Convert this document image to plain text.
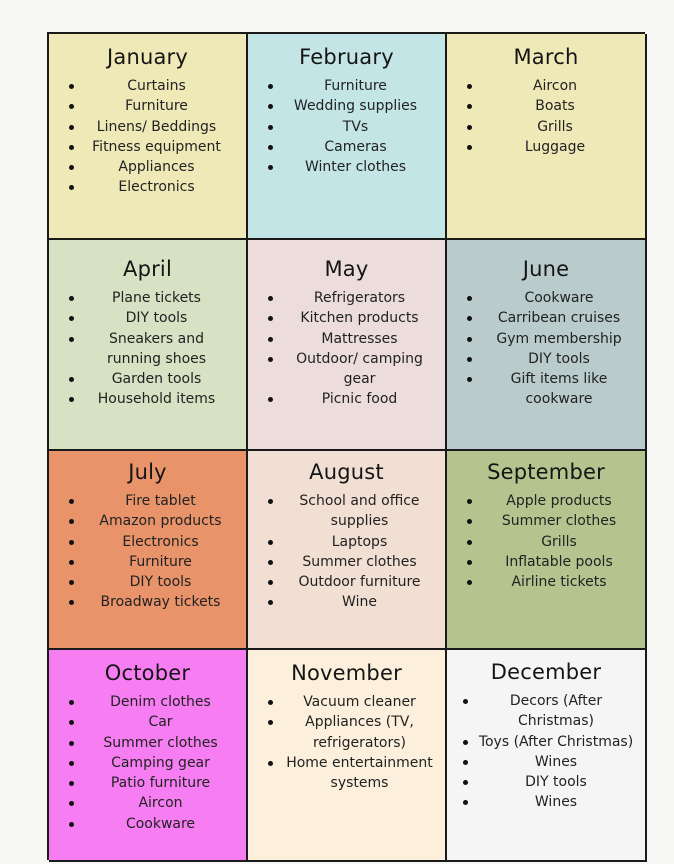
January
Curtains
Furniture
Linens/ Beddings
Fitness equipment
Appliances
Electronics
February
Furniture
Wedding supplies
TVs
Cameras
Winter clothes
March
Aircon
Boats
Grills
Luggage
April
Plane tickets
DIY tools
Sneakers and running shoes
Garden tools
Household items
May
Refrigerators
Kitchen products
Mattresses
Outdoor/ camping gear
Picnic food
June
Cookware
Carribean cruises
Gym membership
DIY tools
Gift items like cookware
July
Fire tablet
Amazon products
Electronics
Furniture
DIY tools
Broadway tickets
August
School and office supplies
Laptops
Summer clothes
Outdoor furniture
Wine
September
Apple products
Summer clothes
Grills
Inflatable pools
Airline tickets
October
Denim clothes
Car
Summer clothes
Camping gear
Patio furniture
Aircon
Cookware
November
Vacuum cleaner
Appliances (TV, refrigerators)
Home entertainment systems
December
Decors (After Christmas)
Toys (After Christmas)
Wines
DIY tools
Wines
